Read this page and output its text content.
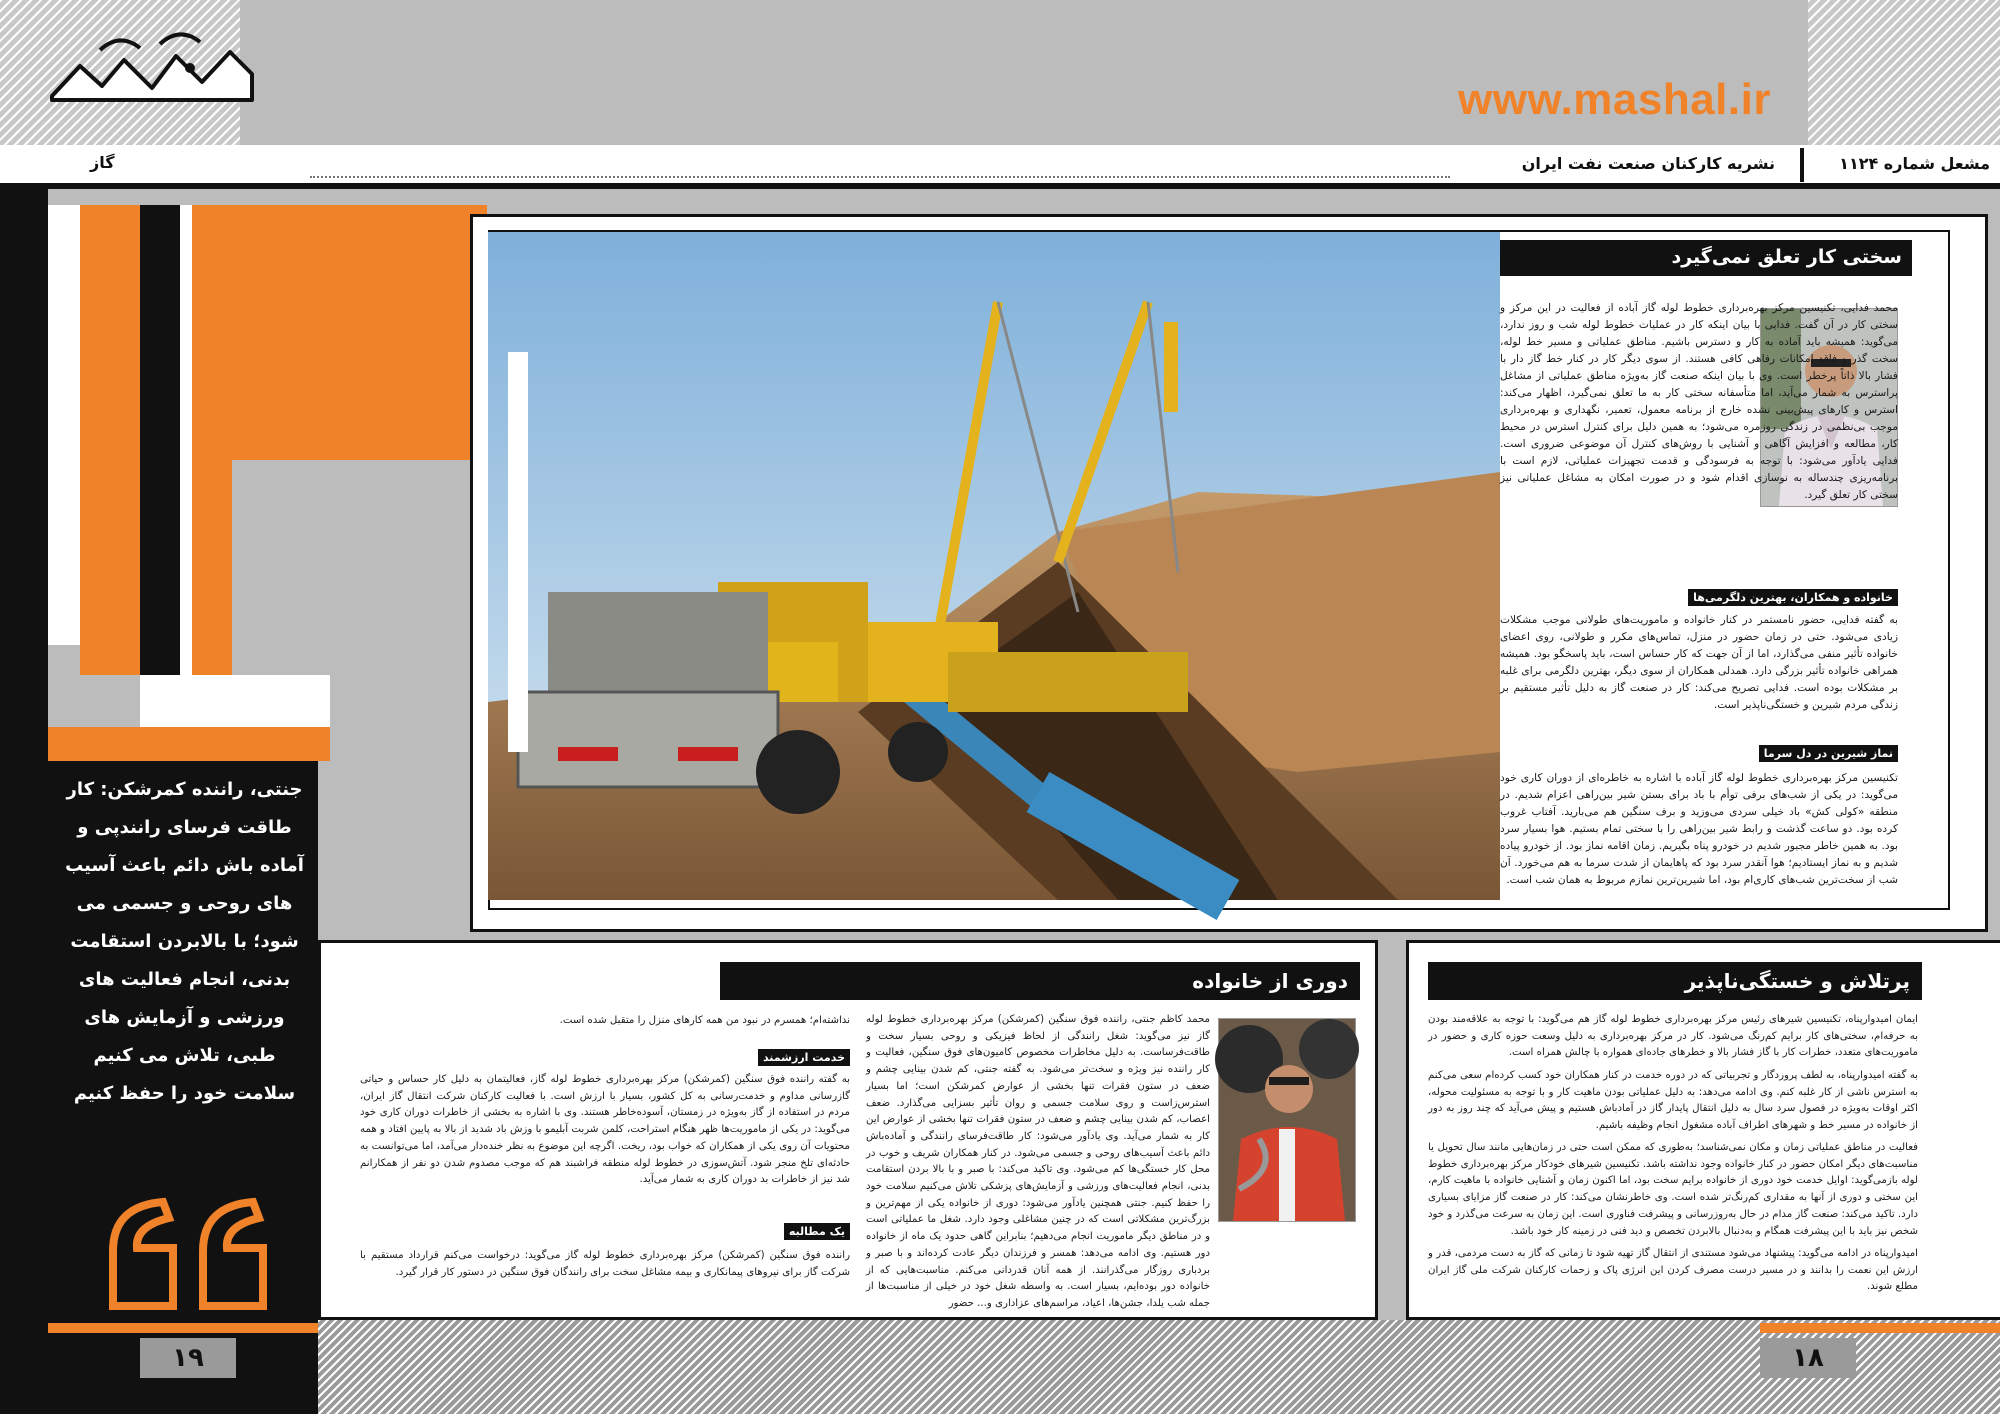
www.mashal.ir
گاز	نشریه کارکنان صنعت نفت ایران	مشعل شماره ۱۱۲۴
جنتی، راننده کمرشکن: کار طاقت فرسای رانندپی و آماده باش دائم باعث آسیب های روحی و جسمی می شود؛ با بالابردن استقامت بدنی، انجام فعالیت های ورزشی و آزمایش های طبی، تلاش می کنیم سلامت خود را حفظ کنیم
سختی کار تعلق نمی‌گیرد
محمد فدایی، تکنیسین مرکز بهره‌برداری خطوط لوله گاز آباده از فعالیت در این مرکز و سختی کار در آن گفت. فدایی با بیان اینکه کار در عملیات خطوط لوله شب و روز ندارد، می‌گوید: همیشه باید آماده به کار و دسترس باشیم. مناطق عملیاتی و مسیر خط لوله، سخت گذر و فاقد امکانات رفاهی کافی هستند. از سوی دیگر کار در کنار خط گاز دار با فشار بالا ذاتاً پرخطر است. وی با بیان اینکه صنعت گاز به‌ویژه مناطق عملیاتی از مشاغل پراسترس به شمار می‌آید، اما متأسفانه سختی کار به ما تعلق نمی‌گیرد، اظهار می‌کند: استرس و کارهای پیش‌بینی نشده خارج از برنامه معمول، تعمیر، نگهداری و بهره‌برداری موجب بی‌نظمی در زندگی روزمره می‌شود؛ به همین دلیل برای کنترل استرس در محیط کار، مطالعه و افزایش آگاهی و آشنایی با روش‌های کنترل آن موضوعی ضروری است. فدایی یادآور می‌شود: با توجه به فرسودگی و قدمت تجهیزات عملیاتی، لازم است با برنامه‌ریزی چندساله به نوسازی اقدام شود و در صورت امکان به مشاغل عملیاتی نیز سختی کار تعلق گیرد.
خانواده و همکاران، بهترین دلگرمی‌ها
به گفته فدایی، حضور نامستمر در کنار خانواده و ماموریت‌های طولانی موجب مشکلات زیادی می‌شود. حتی در زمان حضور در منزل، تماس‌های مکرر و طولانی، روی اعضای خانواده تأثیر منفی می‌گذارد، اما از آن جهت که کار حساس است، باید پاسخگو بود. همیشه همراهی خانواده تأثیر بزرگی دارد. همدلی همکاران از سوی دیگر، بهترین دلگرمی برای غلبه بر مشکلات بوده است. فدایی تصریح می‌کند: کار در صنعت گاز به دلیل تأثیر مستقیم بر زندگی مردم شیرین و خستگی‌ناپذیر است.
نماز شیرین در دل سرما
تکنیسین مرکز بهره‌برداری خطوط لوله گاز آباده با اشاره به خاطره‌ای از دوران کاری خود می‌گوید: در یکی از شب‌های برفی توأم با باد برای بستن شیر بین‌راهی اعزام شدیم. در منطقه «کولی کش» باد خیلی سردی می‌وزید و برف سنگین هم می‌بارید. آفتاب غروب کرده بود. دو ساعت گذشت و رابط شیر بین‌راهی را با سختی تمام بستیم. هوا بسیار سرد بود. به همین خاطر مجبور شدیم در خودرو پناه بگیریم. زمان اقامه نماز بود. از خودرو پیاده شدیم و به نماز ایستادیم؛ هوا آنقدر سرد بود که پاهایمان از شدت سرما به هم می‌خورد. آن شب از سخت‌ترین شب‌های کاری‌ام بود، اما شیرین‌ترین نمازم مربوط به همان شب است.
دوری از خانواده
محمد کاظم جنتی، راننده فوق سنگین (کمرشکن) مرکز بهره‌برداری خطوط لوله گاز نیز می‌گوید: شغل رانندگی از لحاظ فیزیکی و روحی بسیار سخت و طاقت‌فرساست. به دلیل مخاطرات مخصوص کامیون‌های فوق سنگین، فعالیت و کار راننده نیز ویژه و سخت‌تر می‌شود. به گفته جنتی، کم شدن بینایی چشم و ضعف در ستون فقرات تنها بخشی از عوارض کمرشکن است؛ اما بسیار استرس‌زاست و روی سلامت جسمی و روان تأثیر بسزایی می‌گذارد. ضعف اعصاب، کم شدن بینایی چشم و ضعف در ستون فقرات تنها بخشی از عوارض این کار به شمار می‌آید. وی یادآور می‌شود: کار طاقت‌فرسای رانندگی و آماده‌باش دائم باعث آسیب‌های روحی و جسمی می‌شود. در کنار همکاران شریف و خوب در محل کار خستگی‌ها کم می‌شود. وی تاکید می‌کند: با صبر و با بالا بردن استقامت بدنی، انجام فعالیت‌های ورزشی و آزمایش‌های پزشکی تلاش می‌کنیم سلامت خود را حفظ کنیم. جنتی همچنین یادآور می‌شود: دوری از خانواده یکی از مهم‌ترین و بزرگ‌ترین مشکلاتی است که در چنین مشاغلی وجود دارد. شغل ما عملیاتی است و در مناطق دیگر ماموریت انجام می‌دهیم؛ بنابراین گاهی حدود یک ماه از خانواده دور هستیم. وی ادامه می‌دهد: همسر و فرزندان دیگر عادت کرده‌اند و با صبر و بردباری روزگار می‌گذرانند. از همه آنان قدردانی می‌کنم. مناسبت‌هایی که از خانواده دور بوده‌ایم، بسیار است. به واسطه شغل خود در خیلی از مناسبت‌ها از جمله شب یلدا، جشن‌ها، اعیاد، مراسم‌های عزاداری و... حضور
نداشته‌ام؛ همسرم در نبود من همه کارهای منزل را متقبل شده است.
خدمت ارزشمند
به گفته راننده فوق سنگین (کمرشکن) مرکز بهره‌برداری خطوط لوله گاز، فعالیتمان به دلیل کار حساس و حیاتی گازرسانی مداوم و خدمت‌رسانی به کل کشور، بسیار با ارزش است. با فعالیت کارکنان شرکت انتقال گاز ایران، مردم در استفاده از گاز به‌ویژه در زمستان، آسوده‌خاطر هستند. وی با اشاره به بخشی از خاطرات دوران کاری خود می‌گوید: در یکی از ماموریت‌ها ظهر هنگام استراحت، کلمن شربت آبلیمو با وزش باد شدید از بالا به پایین افتاد و همه محتویات آن روی یکی از همکاران که خواب بود، ریخت. اگرچه این موضوع به نظر خنده‌دار می‌آمد، اما می‌توانست به حادثه‌ای تلخ منجر شود. آتش‌سوزی در خطوط لوله منطقه فراشبند هم که موجب مصدوم شدن دو نفر از همکارانم شد نیز از خاطرات بد دوران کاری به شمار می‌آید.
یک مطالبه
راننده فوق سنگین (کمرشکن) مرکز بهره‌برداری خطوط لوله گاز می‌گوید: درخواست می‌کنم قرارداد مستقیم با شرکت گاز برای نیروهای پیمانکاری و بیمه مشاغل سخت برای رانندگان فوق سنگین در دستور کار قرار گیرد.
پرتلاش و خستگی‌ناپذیر
ایمان امیدوارپناه، تکنیسین شیرهای رئیس مرکز بهره‌برداری خطوط لوله گاز هم می‌گوید: با توجه به علاقه‌مند بودن به حرفه‌ام، سختی‌های کار برایم کم‌رنگ می‌شود. کار در مرکز بهره‌برداری به دلیل وسعت حوزه کاری و حضور در ماموریت‌های متعدد، خطرات کار با گاز فشار بالا و خطرهای جاده‌ای همواره با چالش همراه است.
به گفته امیدوارپناه، به لطف پروردگار و تجربیاتی که در دوره خدمت در کنار همکاران خود کسب کرده‌ام سعی می‌کنم به استرس ناشی از کار غلبه کنم. وی ادامه می‌دهد: به دلیل عملیاتی بودن ماهیت کار و با توجه به مسئولیت محوله، اکثر اوقات به‌ویژه در فصول سرد سال به دلیل انتقال پایدار گاز در آمادباش هستیم و پیش می‌آید که چند روز به دور از خانواده در مسیر خط و شهرهای اطراف آباده مشغول انجام وظیفه باشیم.
فعالیت در مناطق عملیاتی زمان و مکان نمی‌شناسد؛ به‌طوری که ممکن است حتی در زمان‌هایی مانند سال تحویل یا مناسبت‌های دیگر امکان حضور در کنار خانواده وجود نداشته باشد. تکنیسین شیرهای خودکار مرکز بهره‌برداری خطوط لوله بازمی‌گوید: اوایل خدمت خود دوری از خانواده برایم سخت بود، اما اکنون زمان و آشنایی خانواده با ماهیت کارم، این سختی و دوری از آنها به مقداری کم‌رنگ‌تر شده است. وی خاطرنشان می‌کند: کار در صنعت گاز مزایای بسیاری دارد. تاکید می‌کند: صنعت گاز مدام در حال به‌روزرسانی و پیشرفت فناوری است. این زمان به سرعت می‌گذرد و خود شخص نیز باید با این پیشرفت همگام و به‌دنبال بالابردن تخصص و دید فنی در زمینه کار خود باشد.
امیدوارپناه در ادامه می‌گوید: پیشنهاد می‌شود مستندی از انتقال گاز تهیه شود تا زمانی که گاز به دست مردمی، قدر و ارزش این نعمت را بدانند و در مسیر درست مصرف کردن این انرژی پاک و زحمات کارکنان شرکت ملی گاز ایران مطلع شوند.
۱۹	۱۸
